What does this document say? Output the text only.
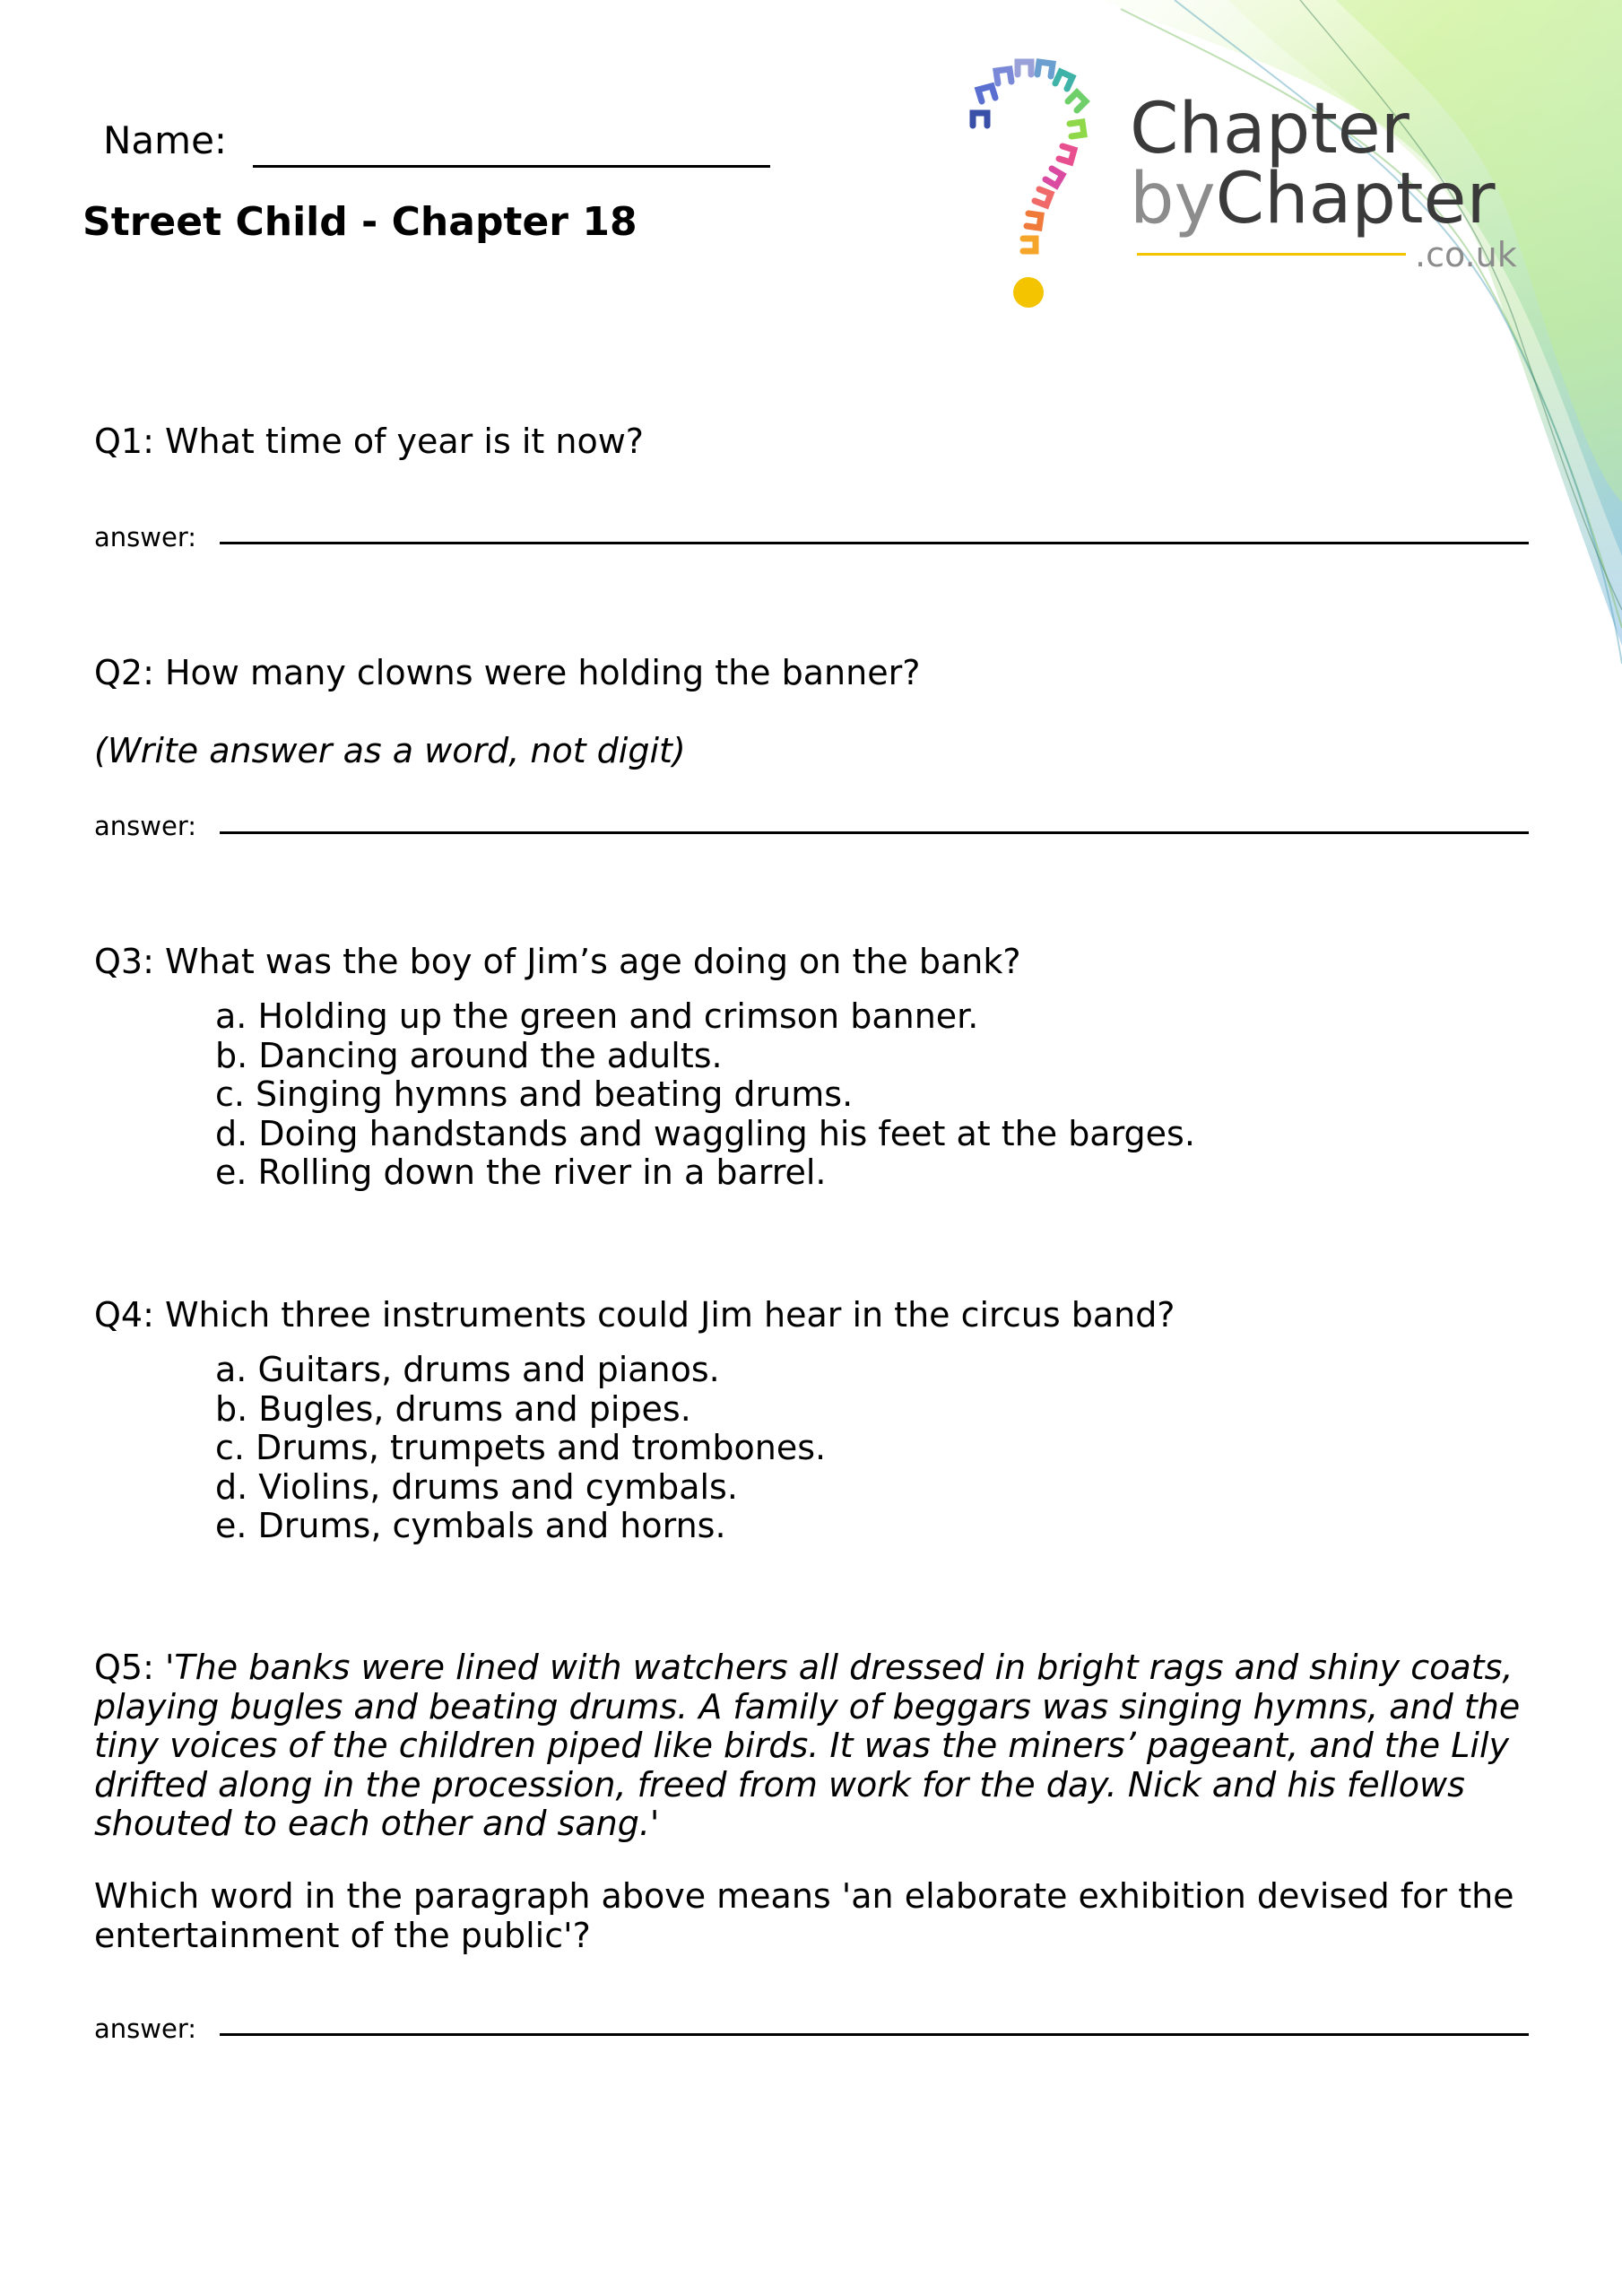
Name:
Street Child - Chapter 18
Chapter
byChapter
.co.uk
Q1: What time of year is it now?
answer:
Q2: How many clowns were holding the banner?
(Write answer as a word, not digit)
answer:
Q3: What was the boy of Jim’s age doing on the bank?
a. Holding up the green and crimson banner.
b. Dancing around the adults.
c. Singing hymns and beating drums.
d. Doing handstands and waggling his feet at the barges.
e. Rolling down the river in a barrel.
Q4: Which three instruments could Jim hear in the circus band?
a. Guitars, drums and pianos.
b. Bugles, drums and pipes.
c. Drums, trumpets and trombones.
d. Violins, drums and cymbals.
e. Drums, cymbals and horns.
Q5: 'The banks were lined with watchers all dressed in bright rags and shiny coats, playing bugles and beating drums. A family of beggars was singing hymns, and the tiny voices of the children piped like birds. It was the miners’ pageant, and the Lily drifted along in the procession, freed from work for the day. Nick and his fellows shouted to each other and sang.'
Which word in the paragraph above means 'an elaborate exhibition devised for the entertainment of the public'?
answer:
